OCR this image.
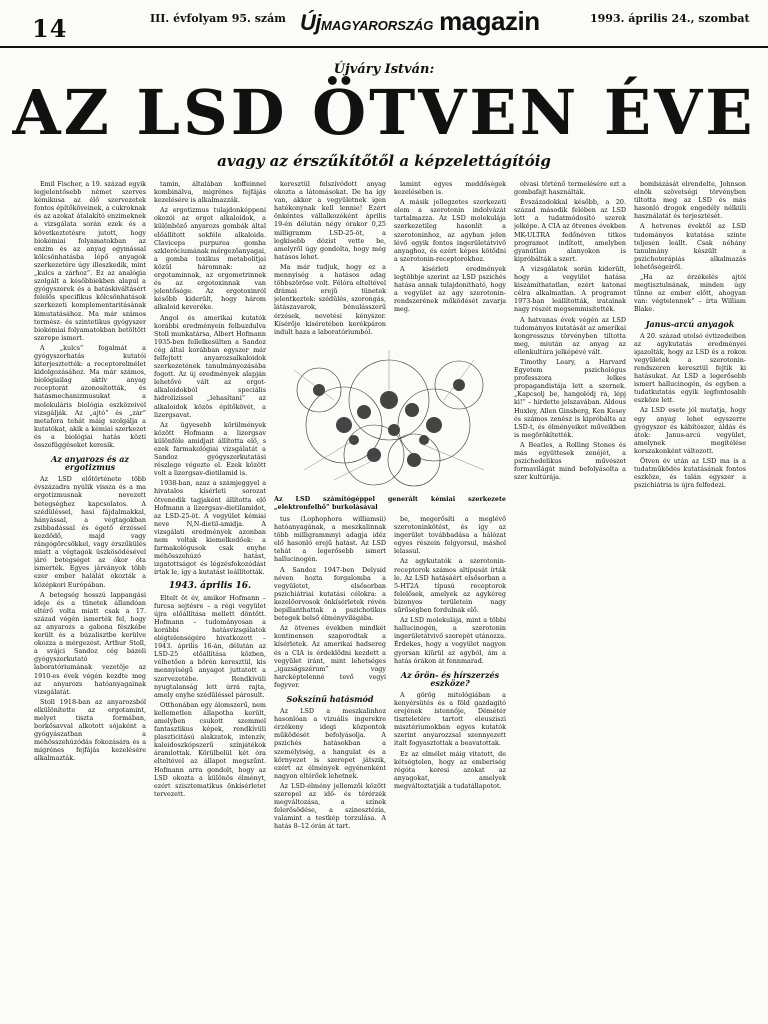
14	III. évfolyam 95. szám ÚjMAGYARORSZÁG magazin	1993. április 24., szombat
Újváry István:
AZ LSD ÖTVEN ÉVE
avagy az érszűkítőtől a képzelettágítóig

Emil Fischer, a 19. század egyik legjelentősebb német szerves kémikusa az élő szervezetek fontos építőköveinek, a cukroknak és az azokat átalakító enzimeknek a vizsgálata során ezek és a következtetésre jutott, hogy biokémiai folyamatokban az enzim és az anyag egymással kölcsönhatásba lépő anyagok szerkezetére úgy illeszkedik, mint „kulcs a zárhoz”. Ez az analógia szolgált a későbbiekben alapul a gyógyszerek és a hatáskiváltásért felelős specifikus kölcsönhatások szerkezeti komplementaritásának kimutatásához. Ma már számos termész- és szintetikus gyógyszer biokémiai folyamatokban betöltött szerepe ismert.

A „kulcs” fogalmát a gyógyszerhatás kutatói kiterjesztették: a receptorelmélet kidolgozásához. Ma már számos, biológiailag aktív anyag receptorát azonosították, és hatásmechanizmusukat a molekuláris biológia eszközeivel vizsgálják. Az „ajtó” és „zár” metafora tehát máig szolgálja a kutatókat, akik a kémiai szerkezet és a biológiai hatás közti összefüggéseket keresik.

Az anyarozs és az ergotizmus

Az LSD előtörténete több évszázadra nyúlik vissza és a ma ergotizmusnak nevezett betegséghez kapcsolatos. A szédüléssel, hasi fájdalmakkal, hányással, a végtagokban zsibbadással és égető érzéssel kezdődő, majd vagy rángógörcsökkel, vagy érszűkülés miatt a végtagok üszkösödésével járó betegséget az ókor óta ismerték. Egyes járványok több ezer ember halálát okozták a középkori Európában.

A betegség hosszú lappangási ideje és a tünetek állandóan eltérő volta miatt csak a 17. század végén ismerték fel, hogy az anyarozs a gabona fészkébe került és a búzalisztbe kerülve okozza a mérgezést. Arthur Stoll, a svájci Sandoz cég bázeli gyógyszerkutató laboratóriumának vezetője az 1910-es évek végén kezdte meg az anyarozs hatóanyagainak vizsgálatát.

Stoll 1918-ban az anyarozsból elkülönítette az ergotamint, melyet tiszta formában, borkősavval alkotott sójaként a gyógyászatban a méhösszehúzódás fokozására és a migrénes fejfájás kezelésére alkalmazták.

tamin, általában koffeinnel kombinálva, migrénes fejfájás kezelésére is alkalmazzák.

Az ergotizmus tulajdonképpeni okozói az ergot alkaloidok, a különböző anyarozs gombák által előállított sokféle alkaloida. Claviceps purpurea gomba szkleróciumának mérgezőanyagai, a gomba toxikus metabolitjai közül háromnak: az ergotaminnak, az ergometrinnek és az ergotoxinnak van jelentősége. Az ergotoxinról később kiderült, hogy három alkaloid keveréke.

Angol és amerikai kutatók korábbi eredményein felbuzdulva Stoll munkatársa, Albert Hofmann 1935-ben fellelkesülten a Sandoz cég által korábban egyszer már felfejtett anyarozsalkaloidok szerkezetének tanulmányozásába fogott. Az új eredmények alapján lehetővé vált az ergot-alkaloidokból speciális hidrolízissel „lehasítani” az alkaloidok közös építőkövét, a lizergsavat.

Az ügyesebb körülmények között Hofmann a lizergsav különféle amidjait állította elő, s ezek farmakológiai vizsgálatát a Sandoz gyógyszerkutatási részlege végezte el. Ezek között volt a lizergsav-dietilamid is.

1938-ban, azaz a számjeggyel a hivatalos kísérleti sorozat ötvenedik tagjaként állította elő Hofmann a lizergsav-dietilamidot, az LSD-25-öt. A vegyület kémiai neve N,N-dietil-amidja. A vizsgálati eredmények azonban nem voltak kiemelkedőek: a farmakológusok csak enyhe méhösszehúzó hatást, izgatottságot és légzésfokozódást írtak le, így a kutatást leállították.

1943. április 16.

Eltelt öt év, amikor Hofmann – furcsa sejtésre – a régi vegyület újra előállítása mellett döntött. Hofmann – tudományosan a korábbi hatásvizsgálatok elégtelenségére hivatkozott – 1943. április 16-án, délután az LSD-25 előállítása közben, vélhetően a bőrén keresztül, kis mennyiségű anyagot juttatott a szervezetébe. Rendkívüli nyugtalanság lett úrrá rajta, amely enyhe szédüléssel párosult.

Otthonában egy álomszerű, nem kellemetlen állapotba került, amelyben csukott szemmel fantasztikus képek, rendkívüli plaszticitású alakzatok, intenzív, kaleidoszkópszerű színjátékok áramlottak. Körülbelül két óra elteltével az állapot megszűnt. Hofmann arra gondolt, hogy az LSD okozta a különös élményt, ezért szisztematikus önkísérletet tervezett.

keresztül felszívódott anyag okozta a látomásokat. De ha így van, akkor a vegyületnek igen hatékonynak kell lennie! Ezért önkéntes vállalkozóként április 19-én délután négy órakor 0,25 milligramm LSD-25-öt, a legkisebb dózist vette be, amelyről úgy gondolta, hogy még hatásos lehet.

Ma már tudjuk, hogy ez a mennyiség a hatásos adag többszöröse volt. Félóra elteltével drámai erejű tünetek jelentkeztek: szédülés, szorongás, látászavarok, bénulásszerű érzések, nevetési kényszer. Kísérője kíséretében kerékpáron indult haza a laboratóriumból.

lamint egyes meddőségek kezelésében is.

A másik jellegzetes szerkezeti elem a szerotonin indolvázát tartalmazza. Az LSD molekulája szerkezetileg hasonlít a szerotoninhoz, az agyban jelen lévő egyik fontos ingerületátvivő anyaghoz, és ezért képes kötődni a szerotonin-receptorokhoz.

A kísérleti eredmények legtöbbje szerint az LSD pszichés hatása annak tulajdonítható, hogy a vegyület az agy szerotonin-rendszerének működését zavarja meg.

Az LSD számítógéppel generált kémiai szerkezete „elektronfelhő” burkolásával

tus (Lophophora williamsii) hatóanyagának, a meszkalinnak több milligrammnyi adagja idéz elő hasonló erejű hatást. Az LSD tehát a legerősebb ismert hallucinogén.

A Sandoz 1947-ben Delysid néven hozta forgalomba a vegyületet, elsősorban pszichiátriai kutatási célokra: a kezelőorvosok önkísérletek révén bepillanthattak a pszichotikus betegek belső élményvilágába.

Az ötvenes években mindkét kontinensen szaporodtak a kísérletek. Az amerikai hadsereg és a CIA is érdeklődni kezdett a vegyület iránt, mint lehetséges „igazságszérum” vagy harcképtelenné tevő vegyi fegyver.

Sokszínű hatásmód

Az LSD a meszkalinhoz hasonlóan a vizuális ingerekre érzékeny idegi központok működését befolyásolja. A pszichés hatásokban a személyiség, a hangulat és a környezet is szerepet játszik, ezért az élmények egyénenként nagyon eltérőek lehetnek.

Az LSD-élmény jellemzői között szerepel az idő- és térérzék megváltozása, a színek felerősödése, a szinesztézia, valamint a testkép torzulása. A hatás 8–12 órán át tart.

be, megerősíti a meglévő szerotoninkötést, és így az ingerület továbbadása a hálózat egyes részein felgyorsul, máshol lelassul.

Az agykutatók a szerotonin-receptorok számos altípusát írták le. Az LSD hatásáért elsősorban a 5-HT2A típusú receptorok felelősek, amelyek az agykéreg bizonyos területein nagy sűrűségben fordulnak elő.

Az LSD molekulája, mint a többi hallucinogén, a szerotonin ingerületátvivő szerepét utánozza. Érdekes, hogy a vegyület nagyon gyorsan kiürül az agyból, ám a hatás órákon át fennmarad.

Az őrön- és hírszerzés eszköze?

A görög mitológiában a kenyérsütés és a föld gazdagító erejének istennője, Démétér tiszteletére tartott eleusziszi misztériumokban egyes kutatók szerint anyarozzsal szennyezett italt fogyasztottak a beavatottak.

Ez az elmélet máig vitatott, de kétségtelen, hogy az emberiség régóta keresi azokat az anyagokat, amelyek megváltoztatják a tudatállapotot.

olvasi történő termelésére ezt a gombafajt használták.

Évszázadokkal később, a 20. század második felében az LSD lett a tudatmódosító szerek jelképe. A CIA az ötvenes években MK-ULTRA fedőnéven titkos programot indított, amelyben gyanútlan alanyokon is kipróbálták a szert.

A vizsgálatok során kiderült, hogy a vegyület hatása kiszámíthatatlan, ezért katonai célra alkalmatlan. A programot 1973-ban leállították, iratainak nagy részét megsemmisítették.

A hatvanas évek végén az LSD tudományos kutatását az amerikai kongresszus törvényben tiltotta meg, miután az anyag az ellenkultúra jelképévé vált.

Timothy Leary, a Harvard Egyetem pszichológus professzora lelkes propagandistája lett a szernek. „Kapcsolj be, hangolódj rá, lépj ki!” – hirdette jelszavában. Aldous Huxley, Allen Ginsberg, Ken Kesey és számos zenész is kipróbálta az LSD-t, és élményeiket műveikben is megörökítették.

A Beatles, a Rolling Stones és más együttesek zenéjét, a pszichedelikus művészet formavilágát mind befolyásolta a szer kultúrája.

bombázását elrendelte, Johnson elnök szövetségi törvényben tiltotta meg az LSD és más hasonló drogok engedély nélküli használatát és terjesztését.

A hetvenes évektől az LSD tudományos kutatása szinte teljesen leállt. Csak néhány tanulmány készült a pszichoterápiás alkalmazás lehetőségeiről.

„Ha az érzékelés ajtói megtisztulnának, minden úgy tűnne az ember előtt, ahogyan van: végtelennek” – írta William Blake.

Janus-arcú anyagok

A 20. század utolsó évtizedeiben az agykutatás eredményei igazolták, hogy az LSD és a rokon vegyületek a szerotonin-rendszeren keresztül fejtik ki hatásukat. Az LSD a legerősebb ismert hallucinogén, és egyben a tudatkutatás egyik legfontosabb eszköze lett.

Az LSD esete jól mutatja, hogy egy anyag lehet egyszerre gyógyszer és kábítószer, áldás és átok: Janus-arcú vegyület, amelynek megítélése korszakonként változott.

Ötven év után az LSD ma is a tudatműködés kutatásának fontos eszköze, és talán egyszer a pszichiátria is újra felfedezi.
